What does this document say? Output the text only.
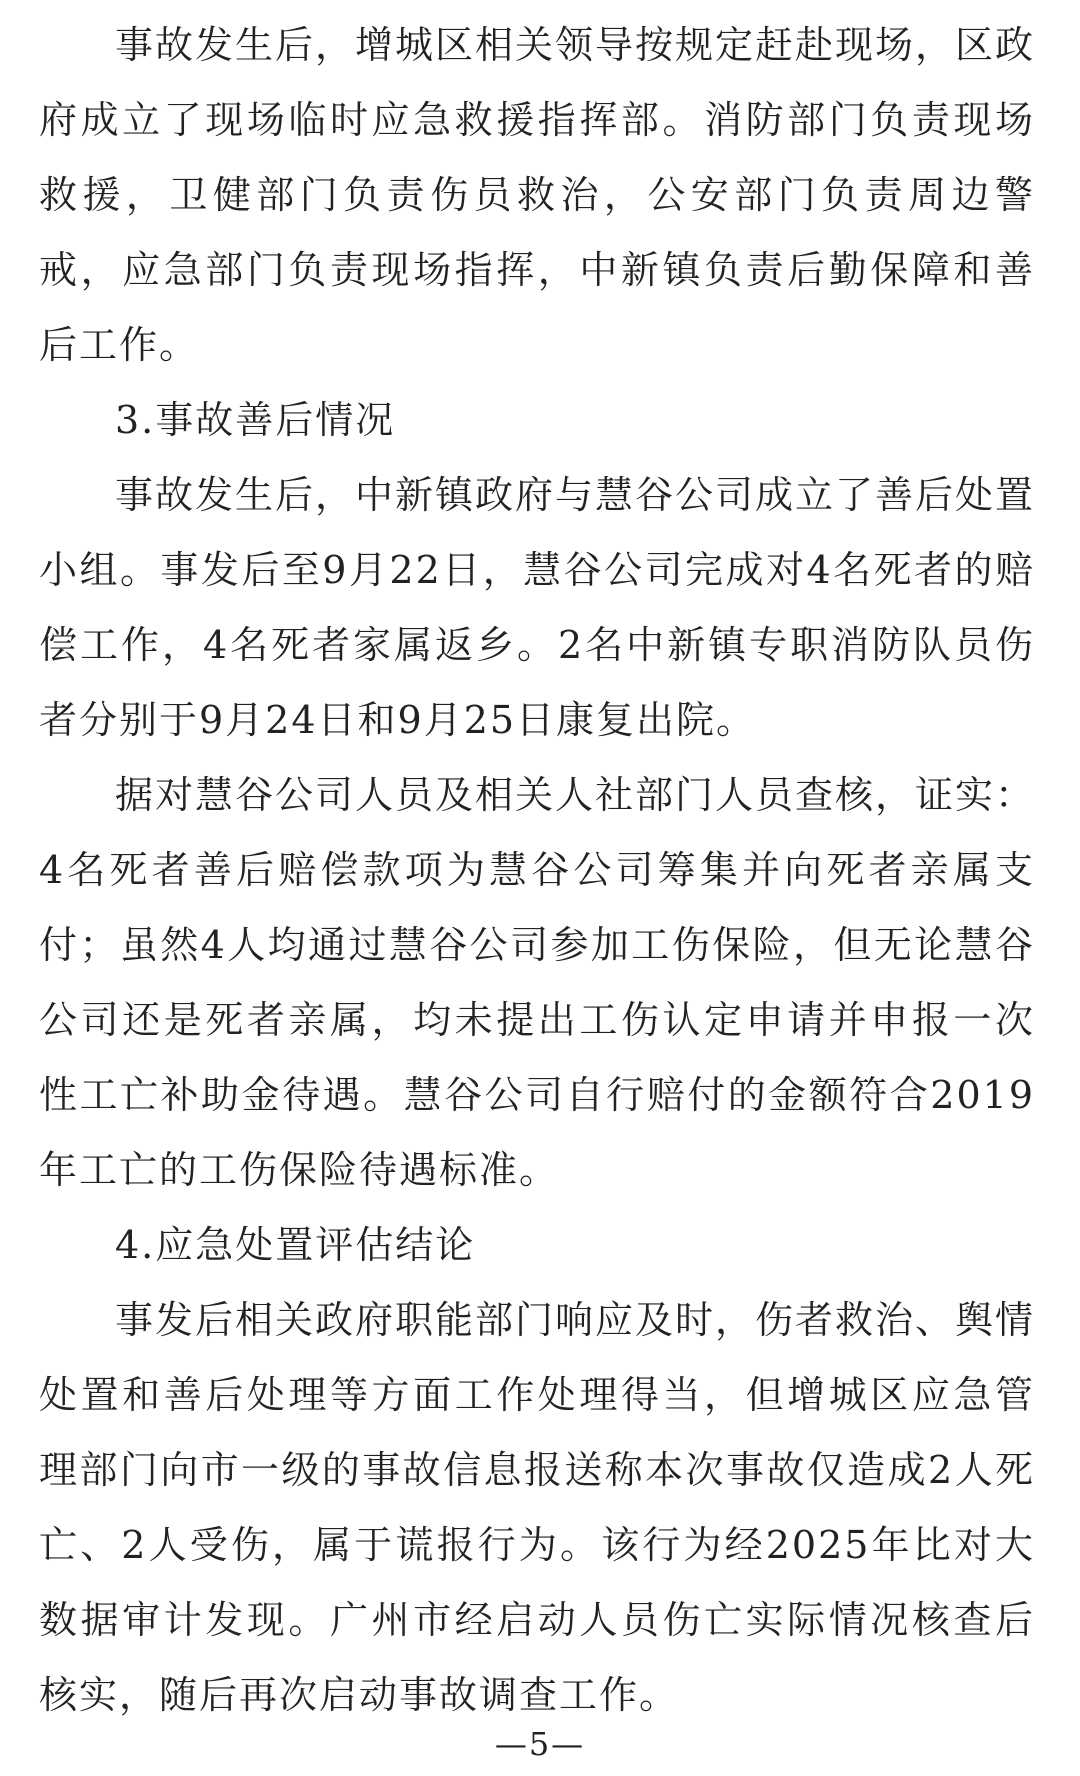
事故发生后，增城区相关领导按规定赶赴现场，区政府成立了现场临时应急救援指挥部。消防部门负责现场救援，卫健部门负责伤员救治，公安部门负责周边警戒，应急部门负责现场指挥，中新镇负责后勤保障和善后工作。

3.事故善后情况

事故发生后，中新镇政府与慧谷公司成立了善后处置小组。事发后至9月22日，慧谷公司完成对4名死者的赔偿工作，4名死者家属返乡。2名中新镇专职消防队员伤者分别于9月24日和9月25日康复出院。

据对慧谷公司人员及相关人社部门人员查核，证实：4名死者善后赔偿款项为慧谷公司筹集并向死者亲属支付；虽然4人均通过慧谷公司参加工伤保险，但无论慧谷公司还是死者亲属，均未提出工伤认定申请并申报一次性工亡补助金待遇。慧谷公司自行赔付的金额符合2019年工亡的工伤保险待遇标准。

4.应急处置评估结论

事发后相关政府职能部门响应及时，伤者救治、舆情处置和善后处理等方面工作处理得当，但增城区应急管理部门向市一级的事故信息报送称本次事故仅造成2人死亡、2人受伤，属于谎报行为。该行为经2025年比对大数据审计发现。广州市经启动人员伤亡实际情况核查后核实，随后再次启动事故调查工作。

—5—
